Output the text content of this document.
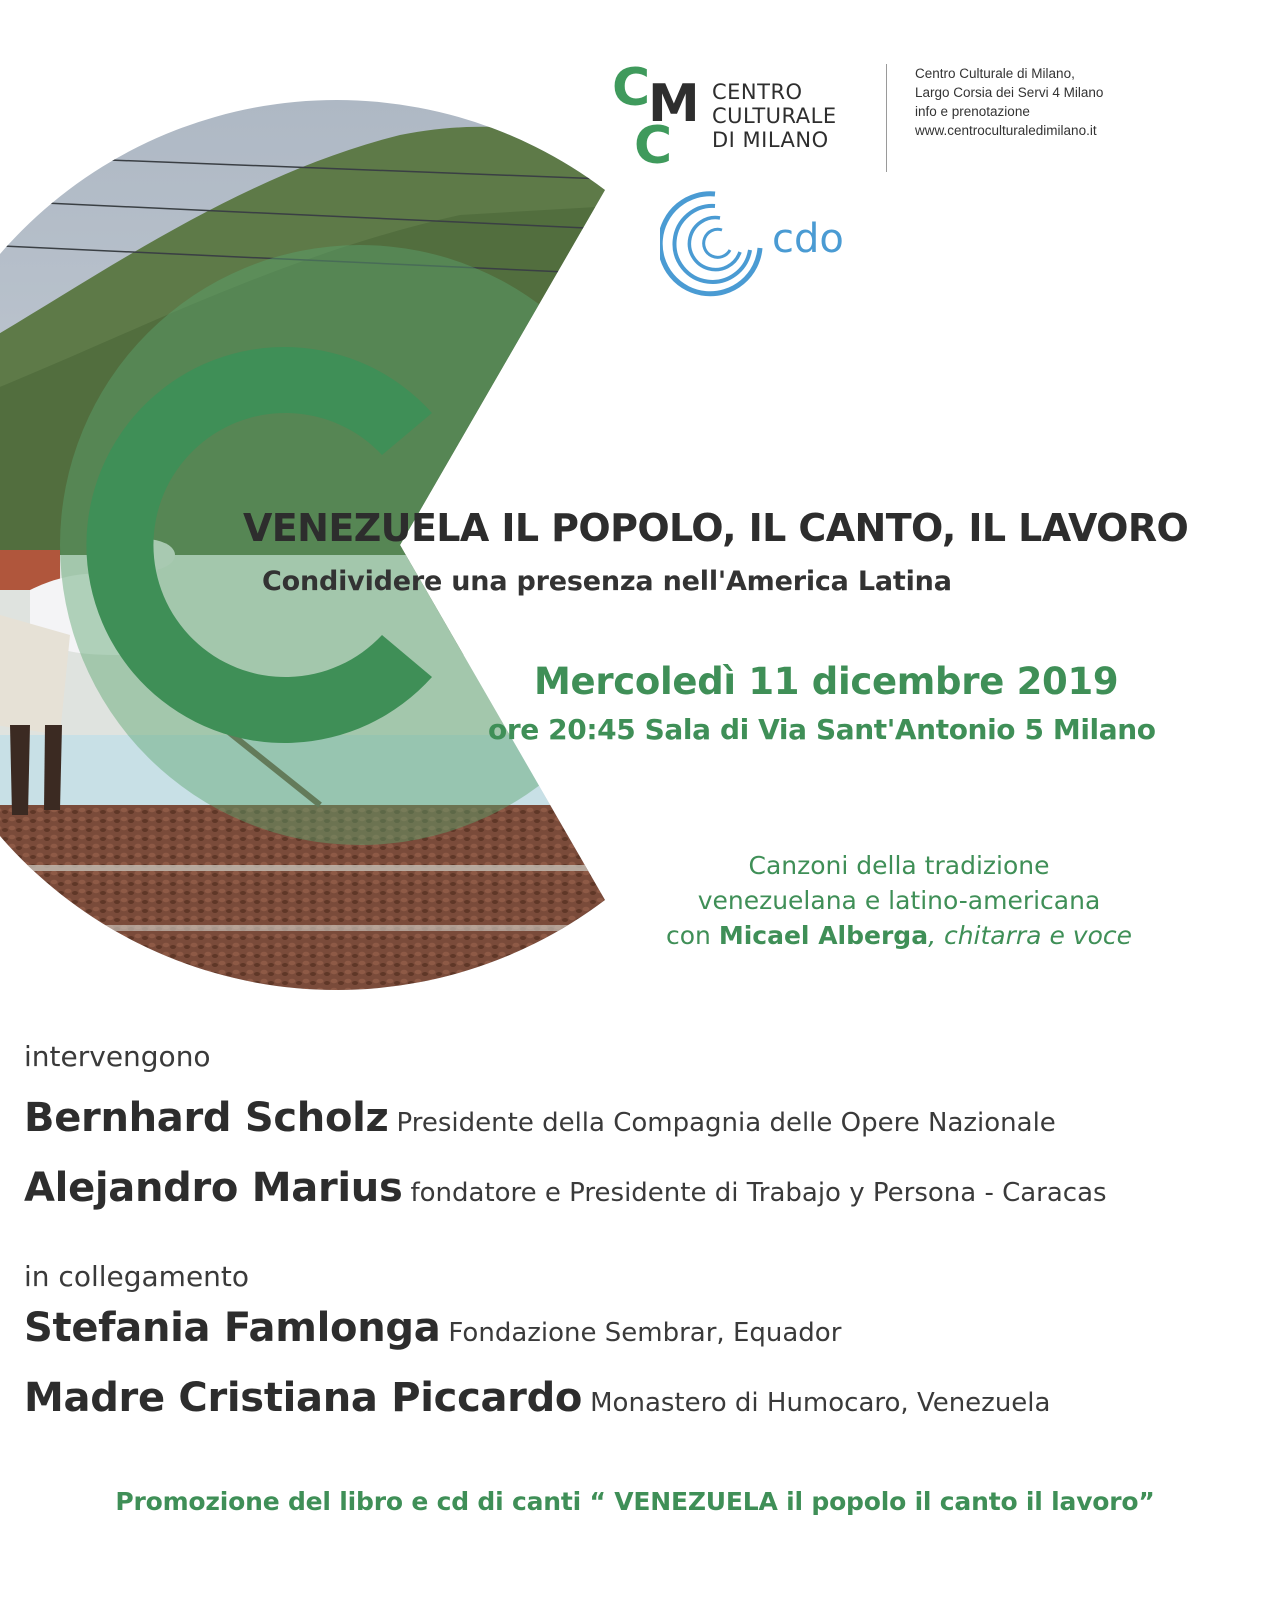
C
M
C
CENTRO
CULTURALE
DI MILANO
Centro Culturale di Milano,
Largo Corsia dei Servi 4 Milano
info e prenotazione
www.centroculturaledimilano.it
cdo
VENEZUELA IL POPOLO, IL CANTO, IL LAVORO
Condividere una presenza nell'America Latina
Mercoledì 11 dicembre 2019
ore 20:45 Sala di Via Sant'Antonio 5 Milano
Canzoni della tradizione
venezuelana e latino-americana
con Micael Alberga, chitarra e voce
intervengono
Bernhard Scholz Presidente della Compagnia delle Opere Nazionale
Alejandro Marius fondatore e Presidente di Trabajo y Persona - Caracas
in collegamento
Stefania Famlonga Fondazione Sembrar, Equador
Madre Cristiana Piccardo Monastero di Humocaro, Venezuela
Promozione del libro e cd di canti “ VENEZUELA il popolo il canto il lavoro”
